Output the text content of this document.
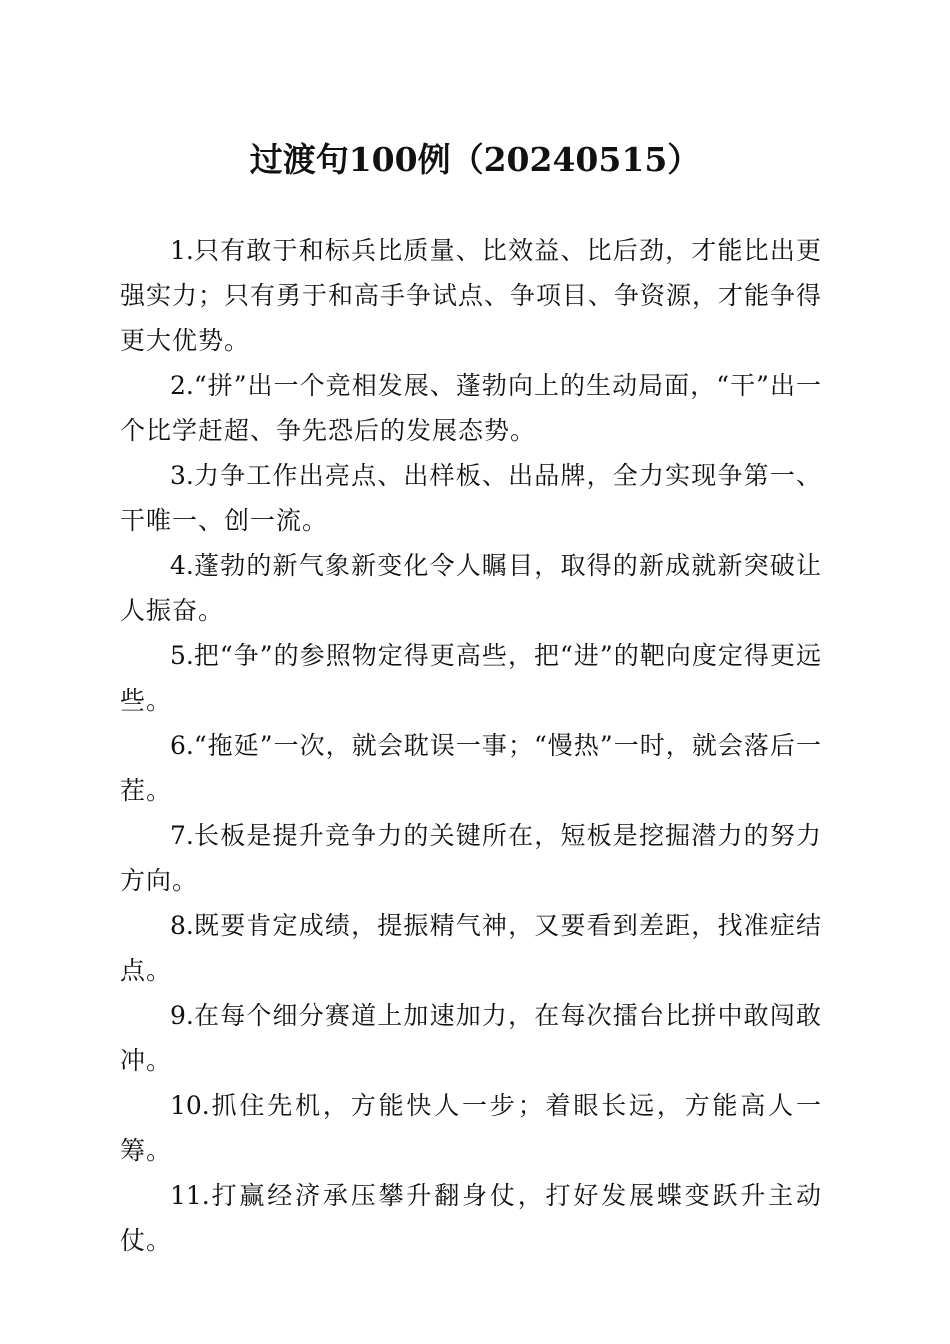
过渡句100例（20240515）

1.只有敢于和标兵比质量、比效益、比后劲，才能比出更强实力；只有勇于和高手争试点、争项目、争资源，才能争得更大优势。

2.“拼”出一个竞相发展、蓬勃向上的生动局面，“干”出一个比学赶超、争先恐后的发展态势。

3.力争工作出亮点、出样板、出品牌，全力实现争第一、干唯一、创一流。

4.蓬勃的新气象新变化令人瞩目，取得的新成就新突破让人振奋。

5.把“争”的参照物定得更高些，把“进”的靶向度定得更远些。

6.“拖延”一次，就会耽误一事；“慢热”一时，就会落后一茬。

7.长板是提升竞争力的关键所在，短板是挖掘潜力的努力方向。

8.既要肯定成绩，提振精气神，又要看到差距，找准症结点。

9.在每个细分赛道上加速加力，在每次擂台比拼中敢闯敢冲。

10.抓住先机，方能快人一步；着眼长远，方能高人一筹。

11.打赢经济承压攀升翻身仗，打好发展蝶变跃升主动仗。
